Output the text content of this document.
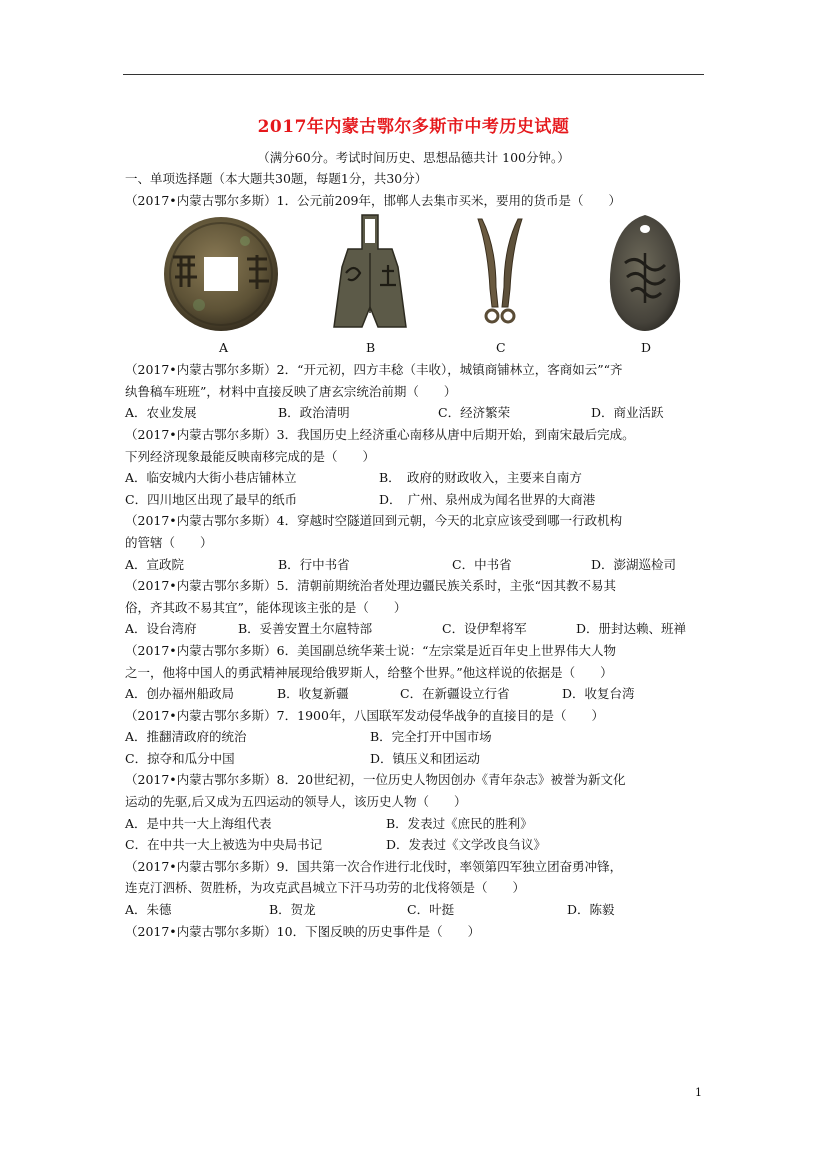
2017年内蒙古鄂尔多斯市中考历史试题
（满分60分。考试时间历史、思想品德共计 100分钟。）
一、单项选择题（本大题共30题，每题1分，共30分）
（2017•内蒙古鄂尔多斯）1．公元前209年，邯郸人去集市买米，要用的货币是（　　）
A	B	C	D
（2017•内蒙古鄂尔多斯）2．“开元初，四方丰稔（丰收），城镇商铺林立，客商如云”“齐
纨鲁稿车班班”，材料中直接反映了唐玄宗统治前期（　　）
A．农业发展	B．政治清明	C．经济繁荣	D．商业活跃
（2017•内蒙古鄂尔多斯）3．我国历史上经济重心南移从唐中后期开始，到南宋最后完成。
下列经济现象最能反映南移完成的是（　　）
A．临安城内大街小巷店铺林立	B．　政府的财政收入，主要来自南方
C．四川地区出现了最早的纸币	D．　广州、泉州成为闻名世界的大商港
（2017•内蒙古鄂尔多斯）4．穿越时空隧道回到元朝，今天的北京应该受到哪一行政机构
的管辖（　　）
A．宣政院	B．行中书省	C．中书省	D．澎湖巡检司
（2017•内蒙古鄂尔多斯）5．清朝前期统治者处理边疆民族关系时，主张“因其教不易其
俗，齐其政不易其宜”，能体现该主张的是（　　）
A．设台湾府	B．妥善安置土尔扈特部	C．设伊犁将军	D．册封达赖、班禅
（2017•内蒙古鄂尔多斯）6．美国副总统华莱士说：“左宗棠是近百年史上世界伟大人物
之一，他将中国人的勇武精神展现给俄罗斯人，给整个世界。”他这样说的依据是（　　）
A．创办福州船政局	B．收复新疆	C．在新疆设立行省	D．收复台湾
（2017•内蒙古鄂尔多斯）7．1900年，八国联军发动侵华战争的直接目的是（　　）
A．推翻清政府的统治	B．完全打开中国市场
C．掠夺和瓜分中国	D．镇压义和团运动
（2017•内蒙古鄂尔多斯）8．20世纪初，一位历史人物因创办《青年杂志》被誉为新文化
运动的先驱,后又成为五四运动的领导人，该历史人物（　　）
A．是中共一大上海组代表	B．发表过《庶民的胜利》
C．在中共一大上被选为中央局书记	D．发表过《文学改良刍议》
（2017•内蒙古鄂尔多斯）9．国共第一次合作进行北伐时，率领第四军独立团奋勇冲锋，
连克汀泗桥、贺胜桥，为攻克武昌城立下汗马功劳的北伐将领是（　　）
A．朱德	B．贺龙	C．叶挺	D．陈毅
（2017•内蒙古鄂尔多斯）10．下图反映的历史事件是（　　）
1
